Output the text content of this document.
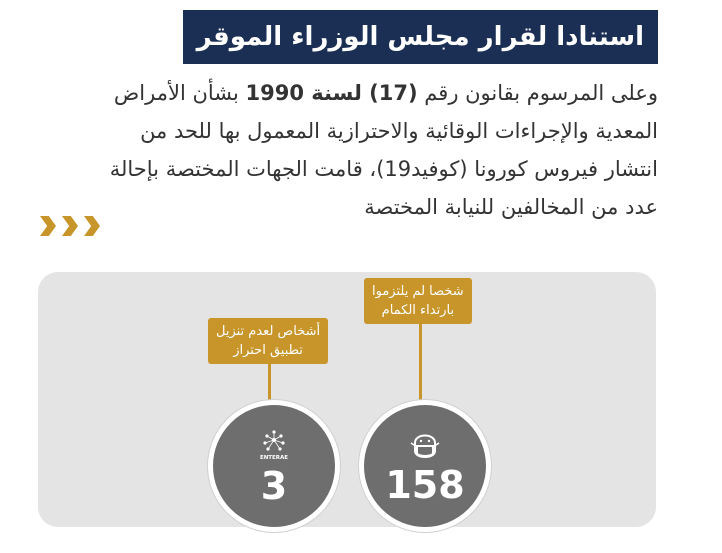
استنادا لقرار مجلس الوزراء الموقر
وعلى المرسوم بقانون رقم (17) لسنة 1990 بشأن الأمراض
المعدية والإجراءات الوقائية والاحترازية المعمول بها للحد من
انتشار فيروس كورونا (كوفيد19)، قامت الجهات المختصة بإحالة
عدد من المخالفين للنيابة المختصة
شخصا لم يلتزموا
بارتداء الكمام
158
أشخاص لعدم تنزيل
تطبيق احتراز
ENTERAE
3
